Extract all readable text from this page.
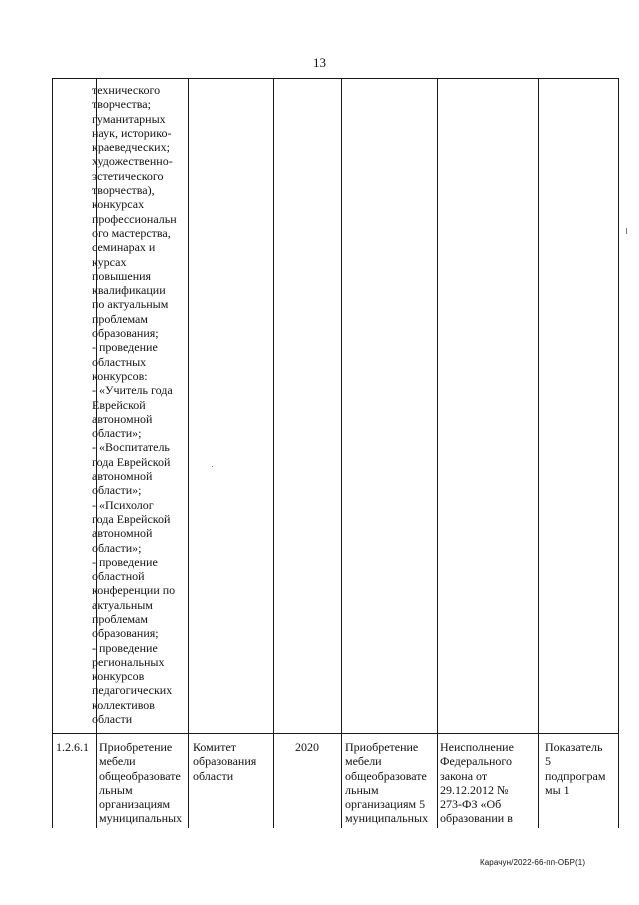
13
технического
творчества;
гуманитарных
наук, историко-
краеведческих;
художественно-
эстетического
творчества),
конкурсах
профессиональн
ого мастерства,
семинарах и
курсах
повышения
квалификации
по актуальным
проблемам
образования;
- проведение
областных
конкурсов:
- «Учитель года
Еврейской
автономной
области»;
- «Воспитатель
года Еврейской
автономной
области»;
- «Психолог
года Еврейской
автономной
области»;
- проведение
областной
конференции по
актуальным
проблемам
образования;
- проведение
региональных
конкурсов
педагогических
коллективов
области
1.2.6.1 Приобретение
мебели
общеобразовате
льным
организациям
муниципальных
Комитет
образования
области
2020	Приобретение
мебели
общеобразовате
льным
организациям 5
муниципальных
Неисполнение
Федерального
закона от
29.12.2012 №
273-ФЗ «Об
образовании в
Показатель
5
подпрограм
мы 1
Карачун/2022-66-пп-ОБР(1)
